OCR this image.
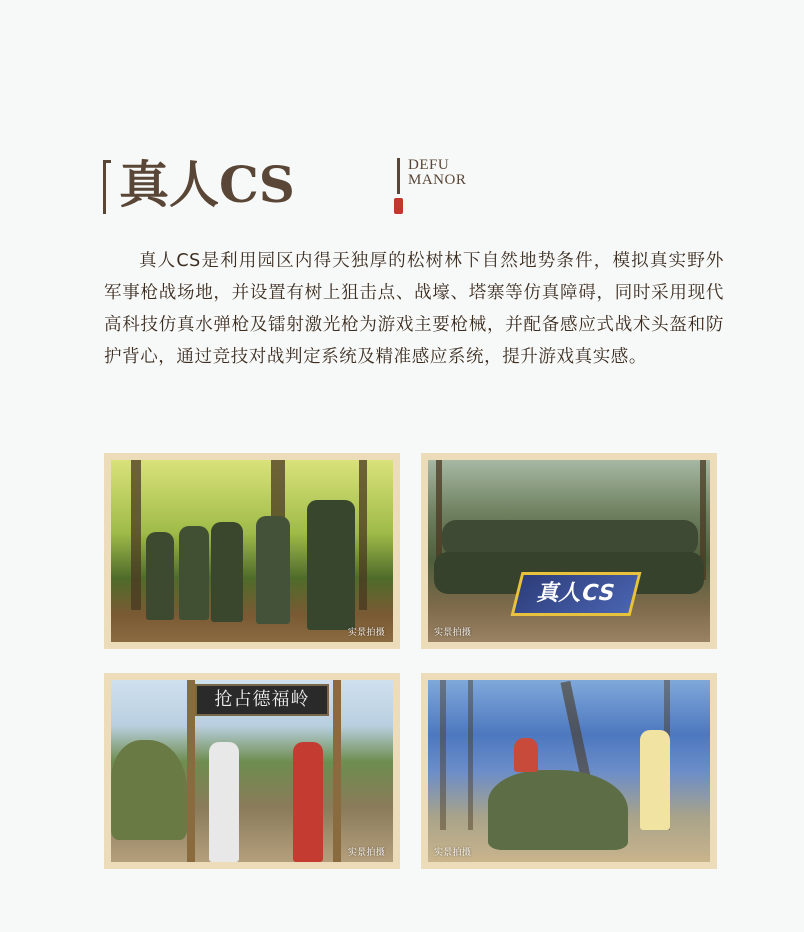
真人CS	DEFU
MANOR

真人CS是利用园区内得天独厚的松树林下自然地势条件，模拟真实野外军事枪战场地，并设置有树上狙击点、战壕、塔寨等仿真障碍，同时采用现代高科技仿真水弹枪及镭射激光枪为游戏主要枪械，并配备感应式战术头盔和防护背心，通过竞技对战判定系统及精准感应系统，提升游戏真实感。

实景拍摄
真人CS
实景拍摄
抢占德福岭
实景拍摄	实景拍摄
